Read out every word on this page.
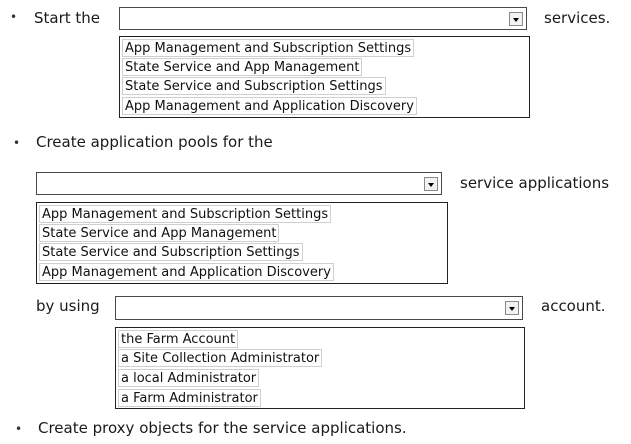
• Start the	services.
App Management and Subscription Settings
State Service and App Management
State Service and Subscription Settings
App Management and Application Discovery
• Create application pools for the
service applications
App Management and Subscription Settings
State Service and App Management
State Service and Subscription Settings
App Management and Application Discovery
by using	account.
the Farm Account
a Site Collection Administrator
a local Administrator
a Farm Administrator
• Create proxy objects for the service applications.
